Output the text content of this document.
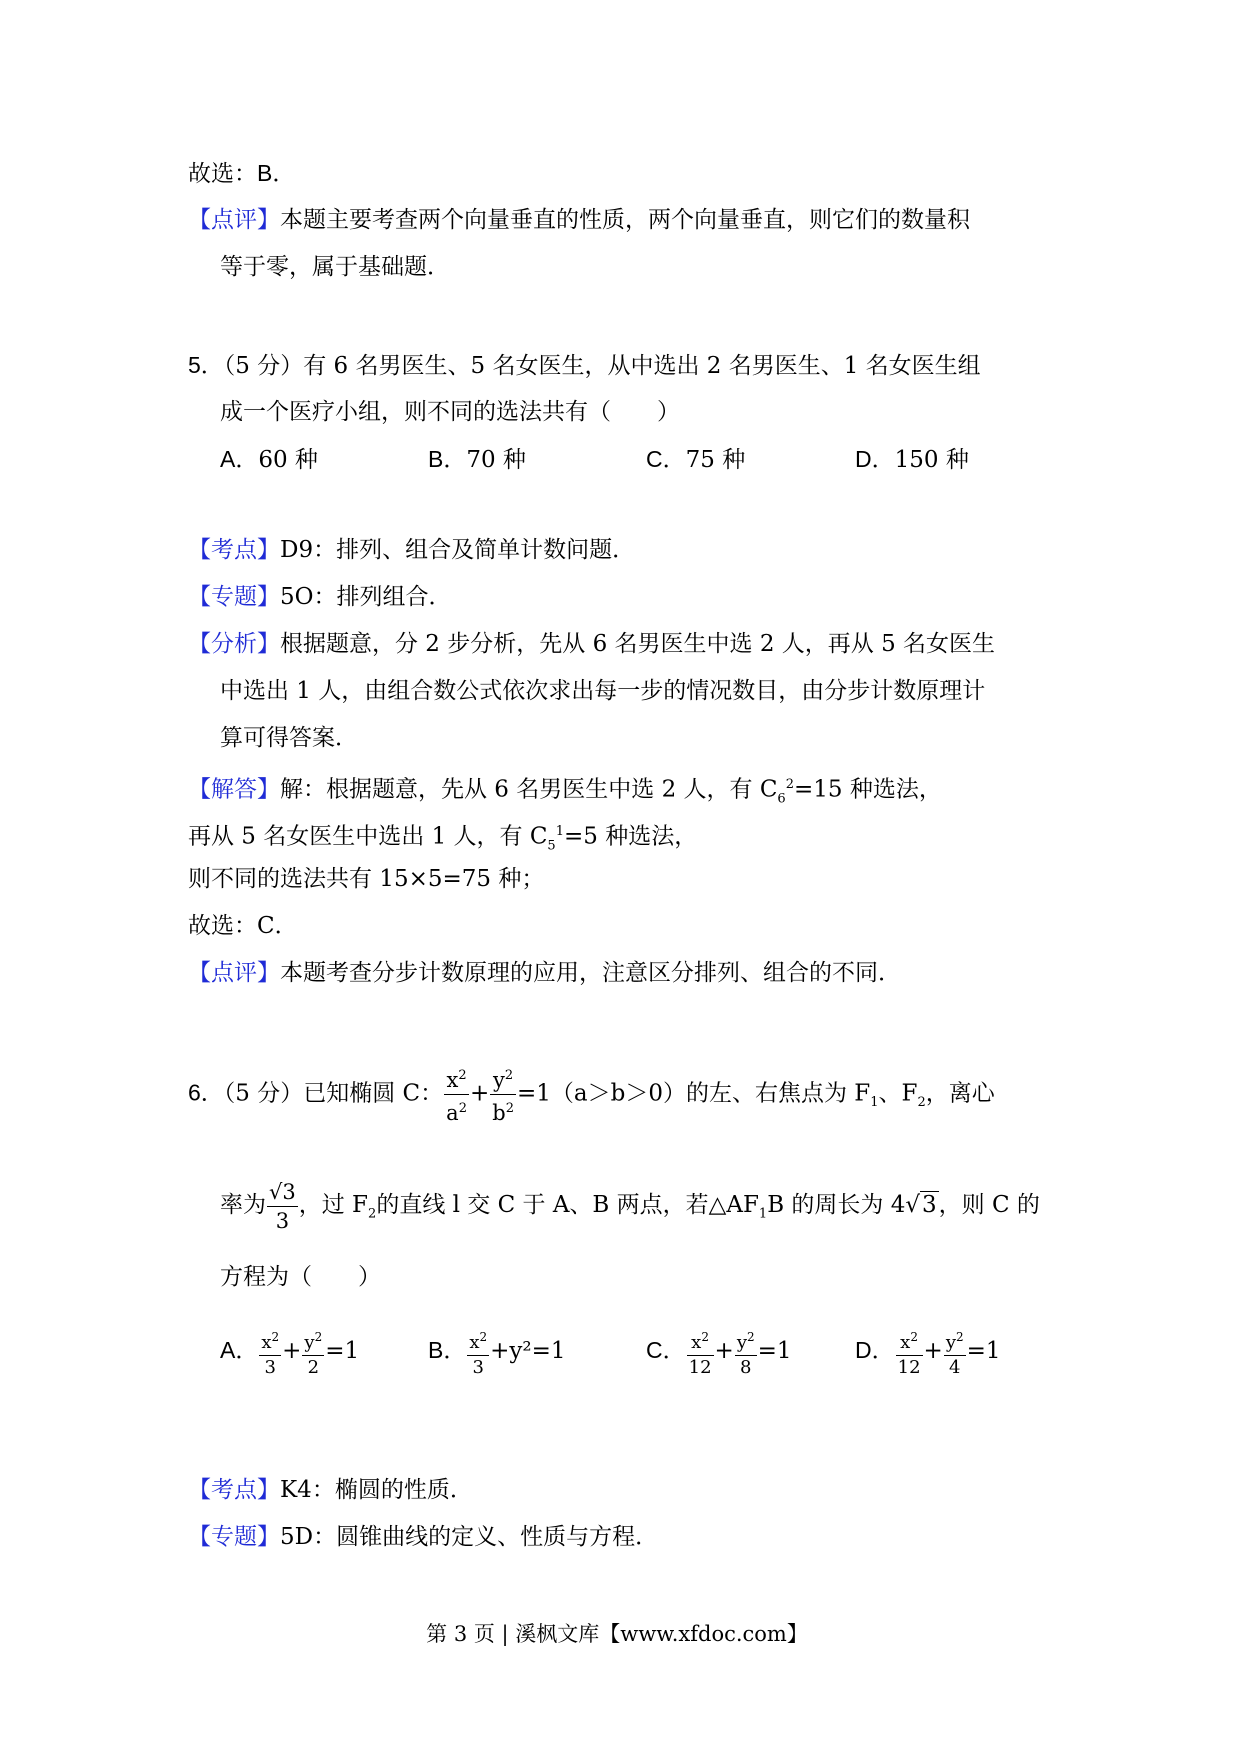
故选：B．
【点评】本题主要考查两个向量垂直的性质，两个向量垂直，则它们的数量积
等于零，属于基础题．
5．（5 分）有 6 名男医生、5 名女医生，从中选出 2 名男医生、1 名女医生组
成一个医疗小组，则不同的选法共有（　　）
A．60 种	B．70 种	C．75 种	D．150 种
【考点】D9：排列、组合及简单计数问题．
【专题】5O：排列组合．
【分析】根据题意，分 2 步分析，先从 6 名男医生中选 2 人，再从 5 名女医生
中选出 1 人，由组合数公式依次求出每一步的情况数目，由分步计数原理计
算可得答案．
【解答】解：根据题意，先从 6 名男医生中选 2 人，有 $C_6^2=15$ 种选法，
再从 5 名女医生中选出 1 人，有 $C_5^1=5$ 种选法，
则不同的选法共有 15×5=75 种；
故选：C．
【点评】本题考查分步计数原理的应用，注意区分排列、组合的不同．
6．（5 分）已知椭圆 C： $\frac{x^2}{a^2} + \frac{y^2}{b^2} =1(a>b>0)$的左、右焦点为 $F_1$、$F_2$，离心
率为 $\frac{√3}{3}$ ，过 $F_2$的直线 l 交 C 于 A、B 两点，若$\triangle AF_1B$ 的周长为 4√3，则 C 的
方程为（　　）
A． $\frac{x^2}{3} + \frac{y^2}{2} =1$	B． $\frac{x^2}{3} +y^2=1$	C． $\frac{x^2}{12} + \frac{y^2}{8} =1$	D． $\frac{x^2}{12} + \frac{y^2}{4} =1$
【考点】K4：椭圆的性质．
【专题】5D：圆锥曲线的定义、性质与方程．
第 3 页 | 溪枫文库【www.xfdoc.com】
